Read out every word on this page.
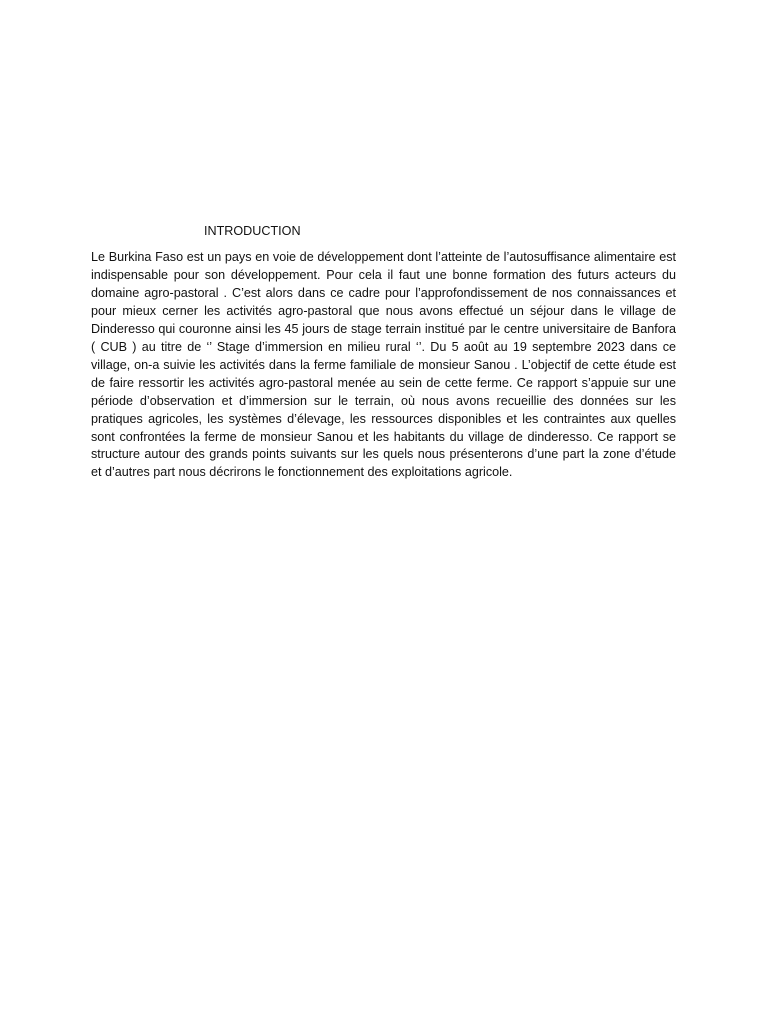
INTRODUCTION

Le Burkina Faso est un pays en voie de développement dont l’atteinte de l’autosuffisance alimentaire est indispensable pour son développement. Pour cela il faut une bonne formation des futurs acteurs du domaine agro-pastoral . C’est alors dans ce cadre pour l’approfondissement de nos connaissances et pour mieux cerner les activités agro-pastoral que nous avons effectué un séjour dans le village de Dinderesso qui couronne ainsi les 45 jours de stage terrain institué par le centre universitaire de Banfora ( CUB ) au titre de ‘’ Stage d’immersion en milieu rural ‘’. Du 5 août au 19 septembre 2023 dans ce village, on-a suivie les activités dans la ferme familiale de monsieur Sanou . L’objectif de cette étude est de faire ressortir les activités agro-pastoral menée au sein de cette ferme. Ce rapport s’appuie sur une période d’observation et d’immersion sur le terrain, où nous avons recueillie des données sur les pratiques agricoles, les systèmes d’élevage, les ressources disponibles et les contraintes aux quelles sont confrontées la ferme de monsieur Sanou et les habitants du village de dinderesso. Ce rapport se structure autour des grands points suivants sur les quels nous présenterons d’une part la zone d’étude et d’autres part nous décrirons le fonctionnement des exploitations agricole.
